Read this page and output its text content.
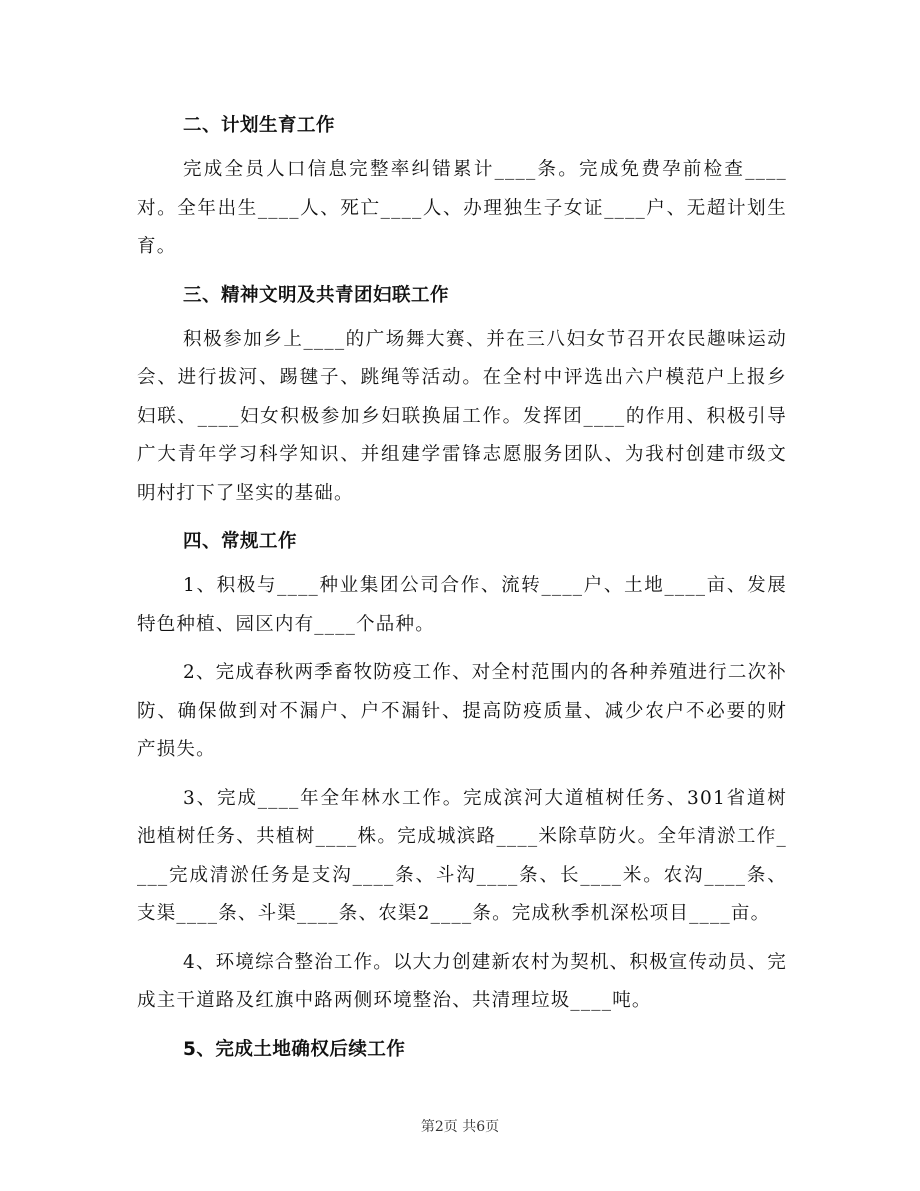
二、计划生育工作

完成全员人口信息完整率纠错累计____条。完成免费孕前检查____对。全年出生____人、死亡____人、办理独生子女证____户、无超计划生育。

三、精神文明及共青团妇联工作

积极参加乡上____的广场舞大赛、并在三八妇女节召开农民趣味运动会、进行拔河、踢毽子、跳绳等活动。在全村中评选出六户模范户上报乡妇联、____妇女积极参加乡妇联换届工作。发挥团____的作用、积极引导广大青年学习科学知识、并组建学雷锋志愿服务团队、为我村创建市级文明村打下了坚实的基础。

四、常规工作

1、积极与____种业集团公司合作、流转____户、土地____亩、发展特色种植、园区内有____个品种。

2、完成春秋两季畜牧防疫工作、对全村范围内的各种养殖进行二次补防、确保做到对不漏户、户不漏针、提高防疫质量、减少农户不必要的财产损失。

3、完成____年全年林水工作。完成滨河大道植树任务、301省道树池植树任务、共植树____株。完成城滨路____米除草防火。全年清淤工作____完成清淤任务是支沟____条、斗沟____条、长____米。农沟____条、支渠____条、斗渠____条、农渠2____条。完成秋季机深松项目____亩。

4、环境综合整治工作。以大力创建新农村为契机、积极宣传动员、完成主干道路及红旗中路两侧环境整治、共清理垃圾____吨。

5、完成土地确权后续工作

第2页 共6页
